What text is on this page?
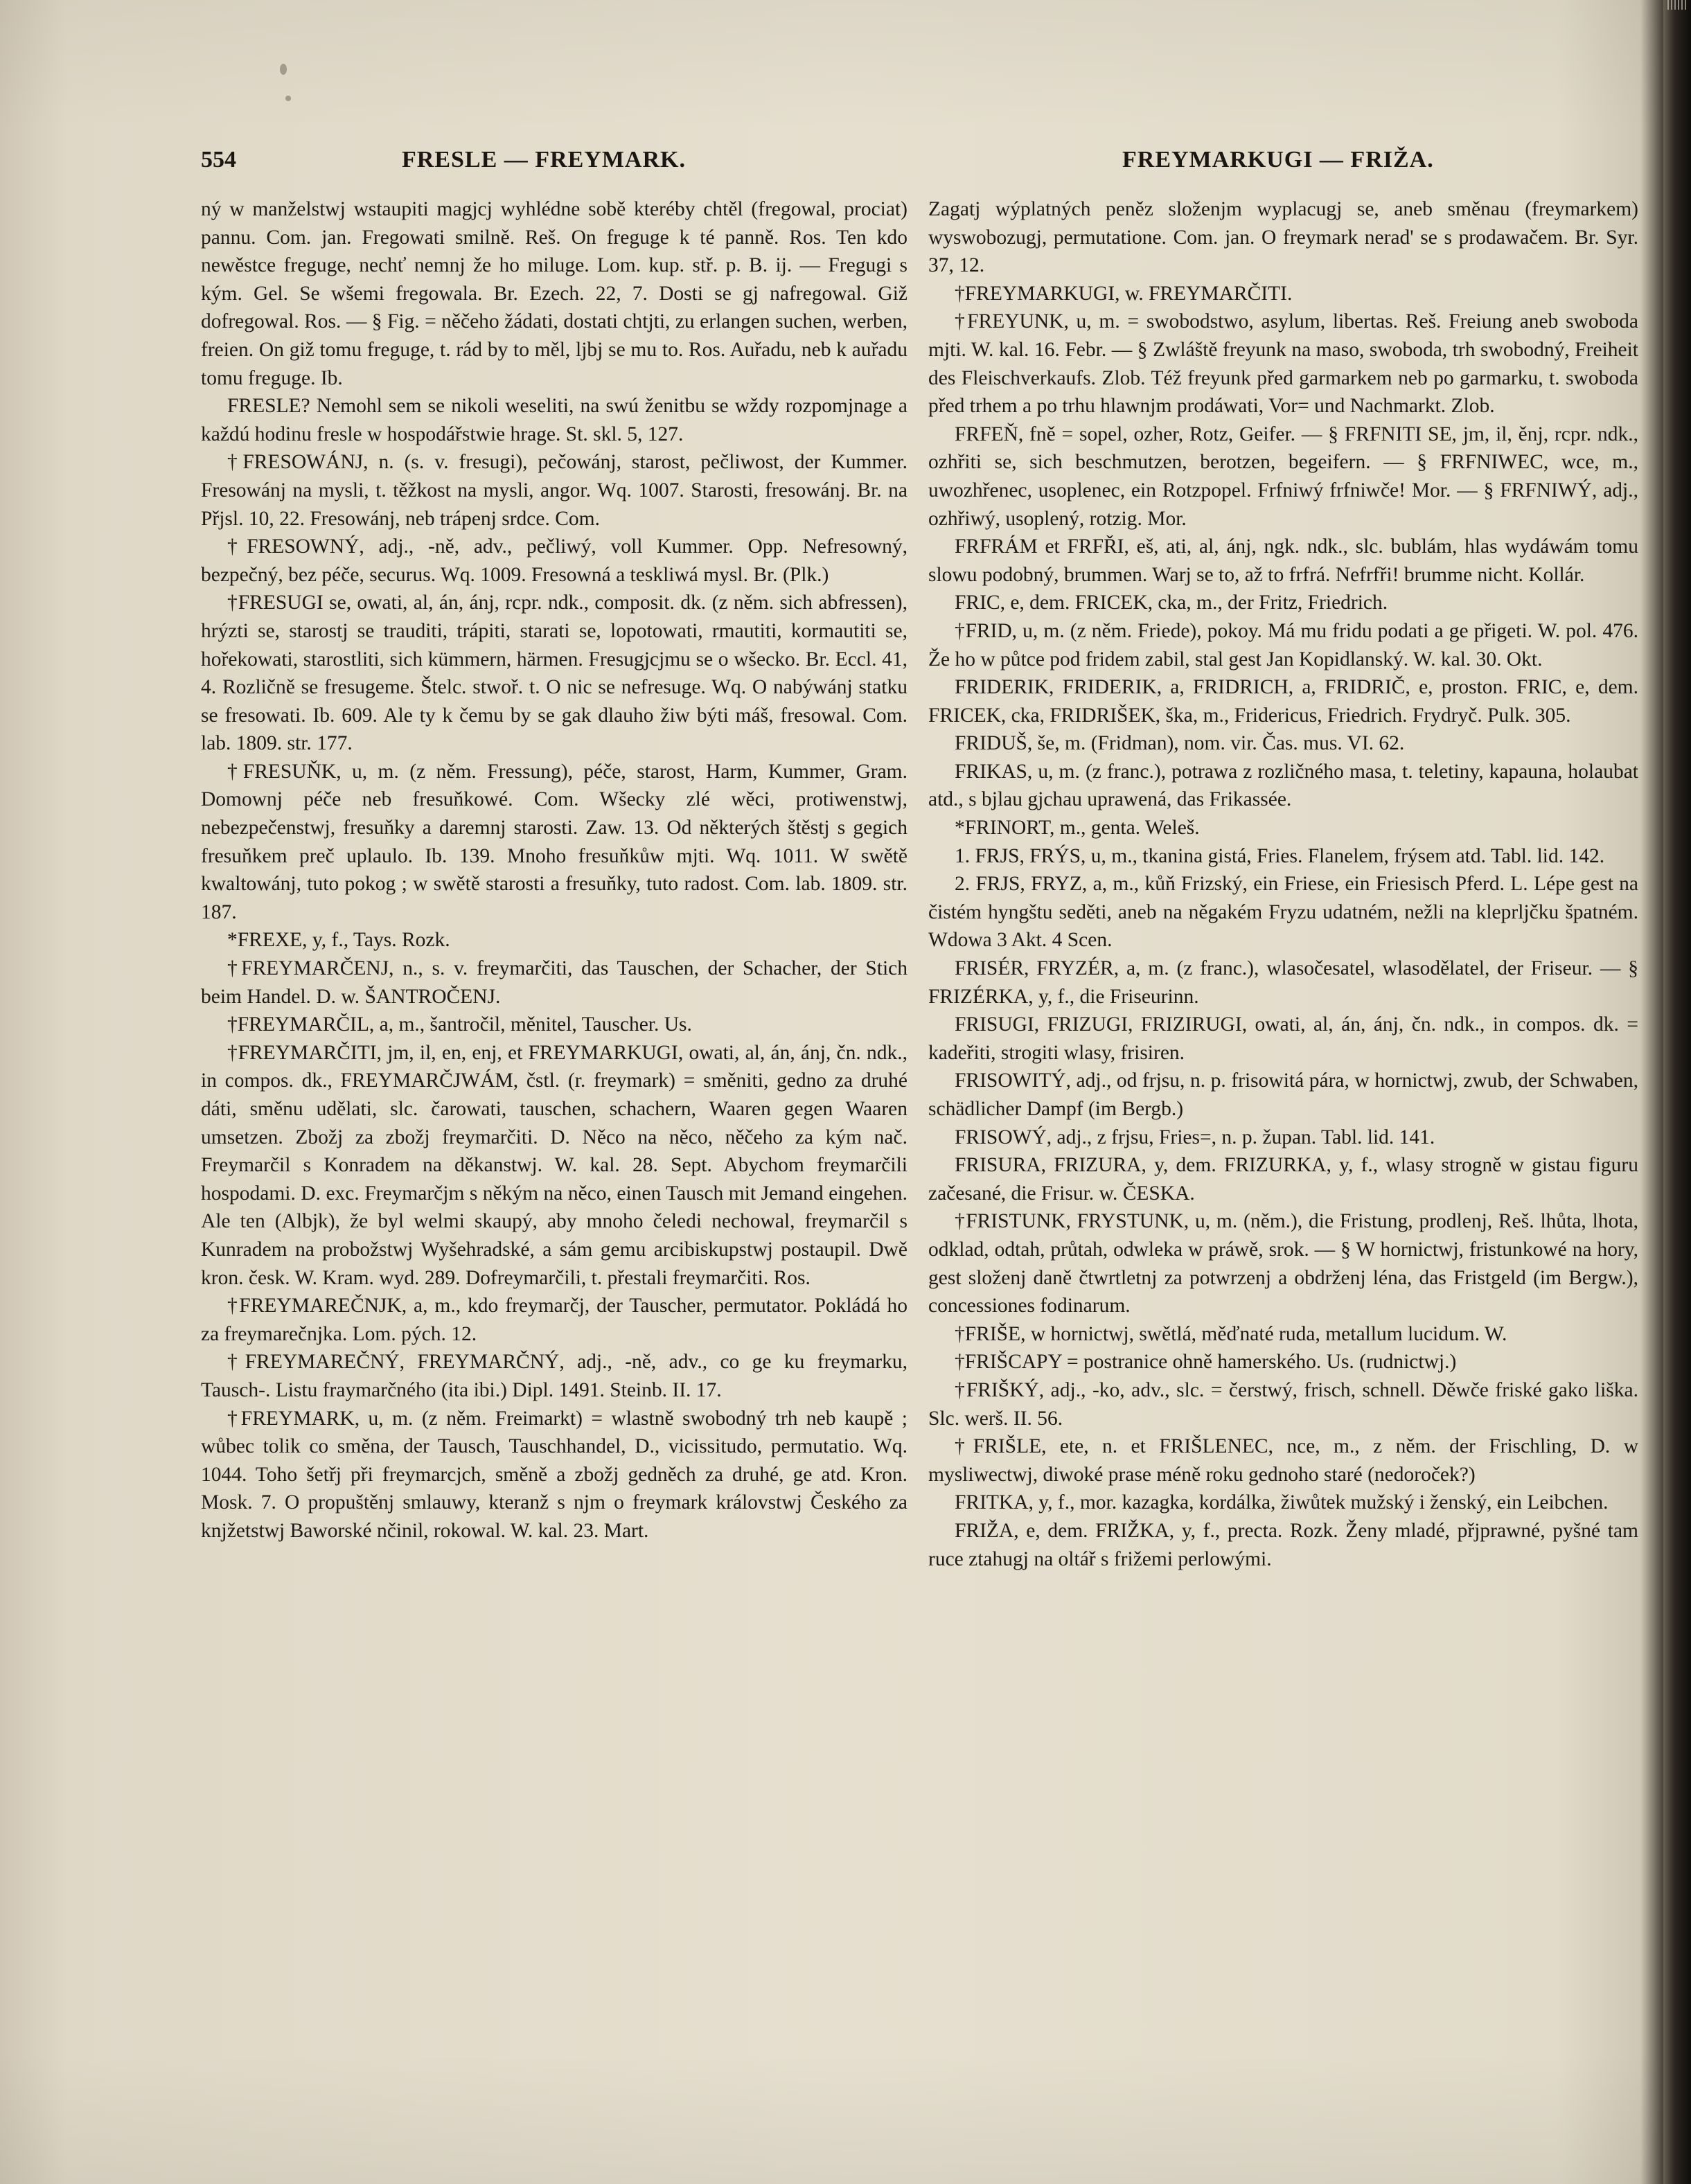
554	FRESLE — FREYMARK.	FREYMARKUGI — FRIŽA.

ný w manželstwj wstaupiti magjcj wyhlédne sobě kteréby chtěl (fregowal, prociat) pannu. Com. jan. Fregowati smilně. Reš. On freguge k té panně. Ros. Ten kdo newěstce freguge, nechť nemnj že ho miluge. Lom. kup. stř. p. B. ij. — Fregugi s kým. Gel. Se wšemi fregowala. Br. Ezech. 22, 7. Dosti se gj nafregowal. Giž dofregowal. Ros. — § Fig. = něčeho žádati, dostati chtjti, zu erlangen suchen, werben, freien. On giž tomu freguge, t. rád by to měl, ljbj se mu to. Ros. Auřadu, neb k auřadu tomu freguge. Ib.

FRESLE? Nemohl sem se nikoli weseliti, na swú ženitbu se wždy rozpomjnage a každú hodinu fresle w hospodářstwie hrage. St. skl. 5, 127.

†FRESOWÁNJ, n. (s. v. fresugi), pečowánj, starost, pečliwost, der Kummer. Fresowánj na mysli, t. těžkost na mysli, angor. Wq. 1007. Starosti, fresowánj. Br. na Přjsl. 10, 22. Fresowánj, neb trápenj srdce. Com.

†FRESOWNÝ, adj., -ně, adv., pečliwý, voll Kummer. Opp. Nefresowný, bezpečný, bez péče, securus. Wq. 1009. Fresowná a teskliwá mysl. Br. (Plk.)

†FRESUGI se, owati, al, án, ánj, rcpr. ndk., composit. dk. (z něm. sich abfressen), hrýzti se, starostj se trauditi, trápiti, starati se, lopotowati, rmautiti, kormautiti se, hořekowati, starostliti, sich kümmern, härmen. Fresugjcjmu se o wšecko. Br. Eccl. 41, 4. Rozličně se fresugeme. Štelc. stwoř. t. O nic se nefresuge. Wq. O nabýwánj statku se fresowati. Ib. 609. Ale ty k čemu by se gak dlauho žiw býti máš, fresowal. Com. lab. 1809. str. 177.

†FRESUŇK, u, m. (z něm. Fressung), péče, starost, Harm, Kummer, Gram. Domownj péče neb fresuňkowé. Com. Wšecky zlé wěci, protiwenstwj, nebezpečenstwj, fresuňky a daremnj starosti. Zaw. 13. Od některých štěstj s gegich fresuňkem preč uplaulo. Ib. 139. Mnoho fresuňkůw mjti. Wq. 1011. W swětě kwaltowánj, tuto pokog ; w swětě starosti a fresuňky, tuto radost. Com. lab. 1809. str. 187.

*FREXE, y, f., Tays. Rozk.

†FREYMARČENJ, n., s. v. freymarčiti, das Tauschen, der Schacher, der Stich beim Handel. D. w. ŠANTROČENJ.

†FREYMARČIL, a, m., šantročil, měnitel, Tauscher. Us.

†FREYMARČITI, jm, il, en, enj, et FREYMARKUGI, owati, al, án, ánj, čn. ndk., in compos. dk., FREYMARČJWÁM, čstl. (r. freymark) = směniti, gedno za druhé dáti, směnu udělati, slc. čarowati, tauschen, schachern, Waaren gegen Waaren umsetzen. Zbožj za zbožj freymarčiti. D. Něco na něco, něčeho za kým nač. Freymarčil s Konradem na děkanstwj. W. kal. 28. Sept. Abychom freymarčili hospodami. D. exc. Freymarčjm s někým na něco, einen Tausch mit Jemand eingehen. Ale ten (Albjk), že byl welmi skaupý, aby mnoho čeledi nechowal, freymarčil s Kunradem na probožstwj Wyšehradské, a sám gemu arcibiskupstwj postaupil. Dwě kron. česk. W. Kram. wyd. 289. Dofreymarčili, t. přestali freymarčiti. Ros.

†FREYMAREČNJK, a, m., kdo freymarčj, der Tauscher, permutator. Pokládá ho za freymarečnjka. Lom. pých. 12.

†FREYMAREČNÝ, FREYMARČNÝ, adj., -ně, adv., co ge ku freymarku, Tausch-. Listu fraymarčného (ita ibi.) Dipl. 1491. Steinb. II. 17.

†FREYMARK, u, m. (z něm. Freimarkt) = wlastně swobodný trh neb kaupě ; wůbec tolik co směna, der Tausch, Tauschhandel, D., vicissitudo, permutatio. Wq. 1044. Toho šetřj při freymarcjch, směně a zbožj gedněch za druhé, ge atd. Kron. Mosk. 7. O propuštěnj smlauwy, kteranž s njm o freymark královstwj Českého za knjžetstwj Baworské nčinil, rokowal. W. kal. 23. Mart.

Zagatj wýplatných peněz složenjm wyplacugj se, aneb směnau (freymarkem) wyswobozugj, permutatione. Com. jan. O freymark nerad' se s prodawačem. Br. Syr. 37, 12.

†FREYMARKUGI, w. FREYMARČITI.

†FREYUNK, u, m. = swobodstwo, asylum, libertas. Reš. Freiung aneb swoboda mjti. W. kal. 16. Febr. — § Zwláště freyunk na maso, swoboda, trh swobodný, Freiheit des Fleischverkaufs. Zlob. Též freyunk před garmarkem neb po garmarku, t. swoboda před trhem a po trhu hlawnjm prodáwati, Vor= und Nachmarkt. Zlob.

FRFEŇ, fně = sopel, ozher, Rotz, Geifer. — § FRFNITI SE, jm, il, ěnj, rcpr. ndk., ozhřiti se, sich beschmutzen, berotzen, begeifern. — § FRFNIWEC, wce, m., uwozhřenec, usoplenec, ein Rotzpopel. Frfniwý frfniwče! Mor. — § FRFNIWÝ, adj., ozhřiwý, usoplený, rotzig. Mor.

FRFRÁM et FRFŘI, eš, ati, al, ánj, ngk. ndk., slc. bublám, hlas wydáwám tomu slowu podobný, brummen. Warj se to, až to frfrá. Nefrfři! brumme nicht. Kollár.

FRIC, e, dem. FRICEK, cka, m., der Fritz, Friedrich.

†FRID, u, m. (z něm. Friede), pokoy. Má mu fridu podati a ge přigeti. W. pol. 476. Že ho w půtce pod fridem zabil, stal gest Jan Kopidlanský. W. kal. 30. Okt.

FRIDERIK, FRIDERIK, a, FRIDRICH, a, FRIDRIČ, e, proston. FRIC, e, dem. FRICEK, cka, FRIDRIŠEK, ška, m., Fridericus, Friedrich. Frydryč. Pulk. 305.

FRIDUŠ, še, m. (Fridman), nom. vir. Čas. mus. VI. 62.

FRIKAS, u, m. (z franc.), potrawa z rozličného masa, t. teletiny, kapauna, holaubat atd., s bjlau gjchau uprawená, das Frikassée.

*FRINORT, m., genta. Weleš.

1. FRJS, FRÝS, u, m., tkanina gistá, Fries. Flanelem, frýsem atd. Tabl. lid. 142.

2. FRJS, FRYZ, a, m., kůň Frizský, ein Friese, ein Friesisch Pferd. L. Lépe gest na čistém hyngštu seděti, aneb na něgakém Fryzu udatném, nežli na kleprljčku špatném. Wdowa 3 Akt. 4 Scen.

FRISÉR, FRYZÉR, a, m. (z franc.), wlasočesatel, wlasodělatel, der Friseur. — § FRIZÉRKA, y, f., die Friseurinn.

FRISUGI, FRIZUGI, FRIZIRUGI, owati, al, án, ánj, čn. ndk., in compos. dk. = kadeřiti, strogiti wlasy, frisiren.

FRISOWITÝ, adj., od frjsu, n. p. frisowitá pára, w hornictwj, zwub, der Schwaben, schädlicher Dampf (im Bergb.)

FRISOWÝ, adj., z frjsu, Fries=, n. p. župan. Tabl. lid. 141.

FRISURA, FRIZURA, y, dem. FRIZURKA, y, f., wlasy strogně w gistau figuru začesané, die Frisur. w. ČESKA.

†FRISTUNK, FRYSTUNK, u, m. (něm.), die Fristung, prodlenj, Reš. lhůta, lhota, odklad, odtah, průtah, odwleka w práwě, srok. — § W hornictwj, fristunkowé na hory, gest složenj daně čtwrtletnj za potwrzenj a obdrženj léna, das Fristgeld (im Bergw.), concessiones fodinarum.

†FRIŠE, w hornictwj, swětlá, měďnaté ruda, metallum lucidum. W.

†FRIŠCAPY = postranice ohně hamerského. Us. (rudnictwj.)

†FRIŠKÝ, adj., -ko, adv., slc. = čerstwý, frisch, schnell. Děwče friské gako liška. Slc. werš. II. 56.

†FRIŠLE, ete, n. et FRIŠLENEC, nce, m., z něm. der Frischling, D. w mysliwectwj, diwoké prase méně roku gednoho staré (nedoroček?)

FRITKA, y, f., mor. kazagka, kordálka, žiwůtek mužský i ženský, ein Leibchen.

FRIŽA, e, dem. FRIŽKA, y, f., precta. Rozk. Ženy mladé, přjprawné, pyšné tam ruce ztahugj na oltář s frižemi perlowými.
